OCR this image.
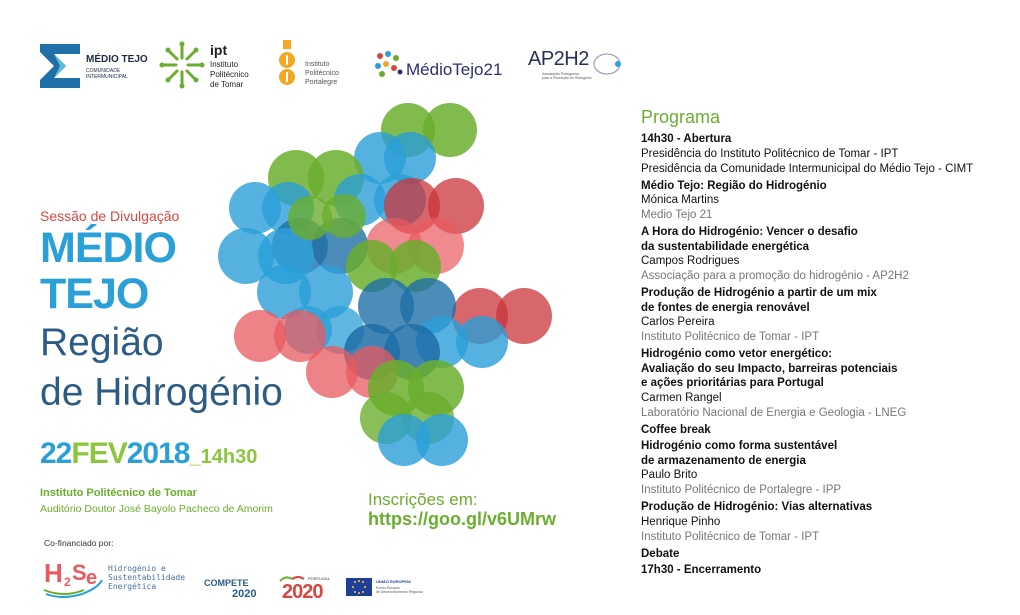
MÉDIO TEJO
COMUNIDADE
INTERMUNICIPAL
ipt
Instituto
Politécnico
de Tomar
Instituto
Politécnico
Portalegre
MédioTejo21 AP2H2
Associação Portuguesa
para a Promoção do Hidrogénio
Sessão de Divulgação
MÉDIO
TEJO
Região
de Hidrogénio
22FEV2018_14h30
Instituto Politécnico de Tomar
Auditório Doutor José Bayolo Pacheco de Amorim	Inscrições em:
https://goo.gl/v6UMrw
Co-financiado por:
H 2 S e Hidrogénio e
Sustentabilidade
Energética	COMPETE
2020
PORTUGAL
2020	UNIÃO EUROPEIA
Fundo Europeu
de Desenvolvimento Regional
Programa
14h30 - Abertura
Presidência do Instituto Politécnico de Tomar - IPT
Presidência da Comunidade Intermunicipal do Médio Tejo - CIMT
Médio Tejo: Região do Hidrogénio
Mónica Martins
Medio Tejo 21
A Hora do Hidrogénio: Vencer o desafio
da sustentabilidade energética
Campos Rodrigues
Associação para a promoção do hidrogénio - AP2H2
Produção de Hidrogénio a partir de um mix
de fontes de energia renovável
Carlos Pereira
Instituto Politécnico de Tomar - IPT
Hidrogénio como vetor energético:
Avaliação do seu Impacto, barreiras potenciais
e ações prioritárias para Portugal
Carmen Rangel
Laboratório Nacional de Energia e Geologia - LNEG
Coffee break
Hidrogénio como forma sustentável
de armazenamento de energia
Paulo Brito
Instituto Politécnico de Portalegre - IPP
Produção de Hidrogénio: Vias alternativas
Henrique Pinho
Instituto Politécnico de Tomar - IPT
Debate
17h30 - Encerramento
